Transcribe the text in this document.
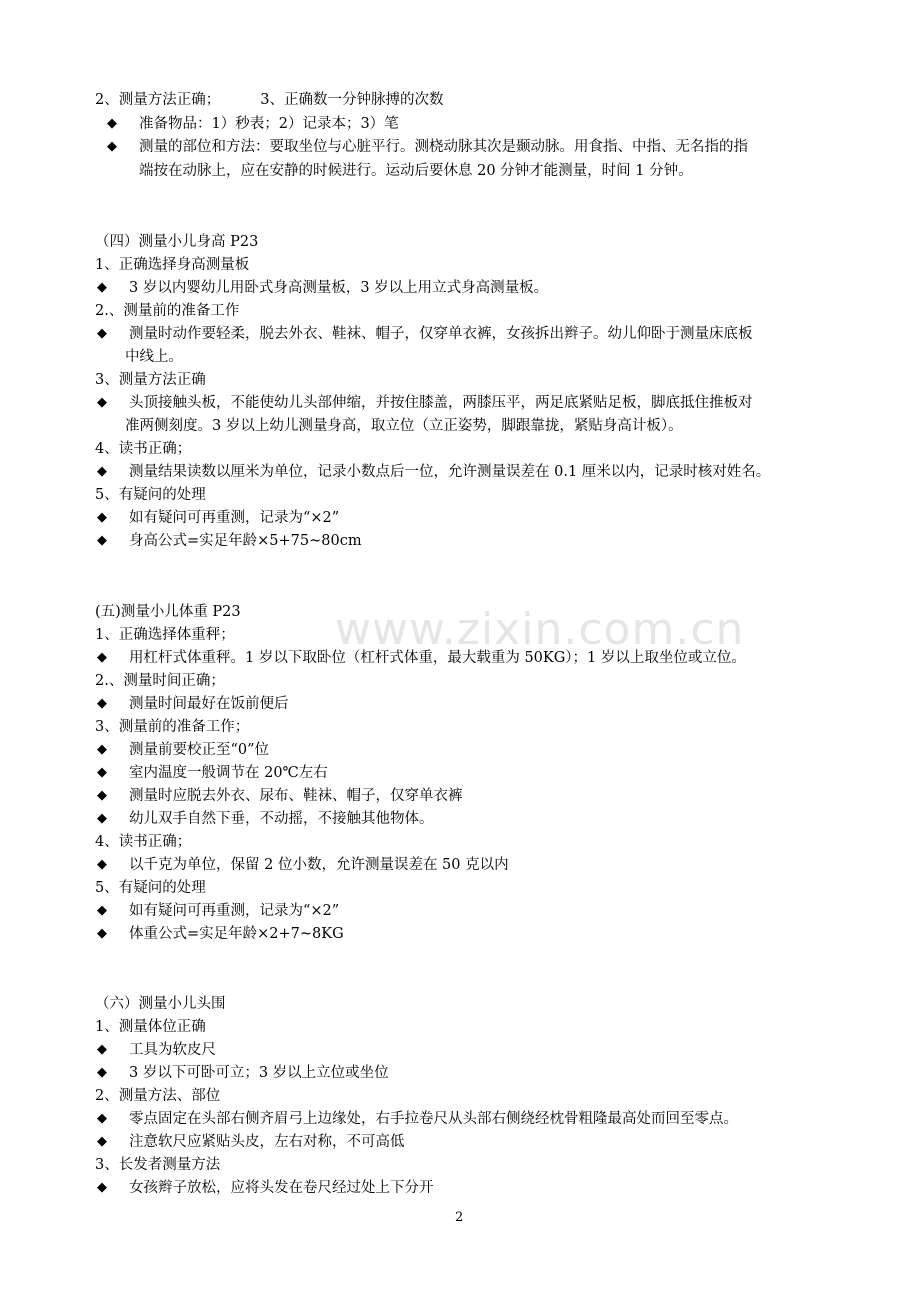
2、测量方法正确；	3、正确数一分钟脉搏的次数
◆ 准备物品：1）秒表；2）记录本；3）笔
◆ 测量的部位和方法：要取坐位与心脏平行。测桡动脉其次是颞动脉。用食指、中指、无名指的指
端按在动脉上，应在安静的时候进行。运动后要休息 20 分钟才能测量，时间 1 分钟。
（四）测量小儿身高 P23
1、正确选择身高测量板
◆ 3 岁以内婴幼儿用卧式身高测量板，3 岁以上用立式身高测量板。
2.、测量前的准备工作
◆ 测量时动作要轻柔，脱去外衣、鞋袜、帽子，仅穿单衣裤，女孩拆出辫子。幼儿仰卧于测量床底板
中线上。
3、测量方法正确
◆ 头顶接触头板，不能使幼儿头部伸缩，并按住膝盖，两膝压平，两足底紧贴足板，脚底抵住推板对
准两侧刻度。3 岁以上幼儿测量身高，取立位（立正姿势，脚跟靠拢，紧贴身高计板）。
4、读书正确；
◆ 测量结果读数以厘米为单位，记录小数点后一位，允许测量误差在 0.1 厘米以内，记录时核对姓名。
5、有疑问的处理
◆ 如有疑问可再重测，记录为“×2”
◆ 身高公式=实足年龄×5+75~80cm
www.zixin.com.cn
(五)测量小儿体重 P23
1、正确选择体重秤；
◆ 用杠杆式体重秤。1 岁以下取卧位（杠杆式体重，最大载重为 50KG）；1 岁以上取坐位或立位。
2.、测量时间正确；
◆ 测量时间最好在饭前便后
3、测量前的准备工作；
◆ 测量前要校正至“0”位
◆ 室内温度一般调节在 20℃左右
◆ 测量时应脱去外衣、尿布、鞋袜、帽子，仅穿单衣裤
◆ 幼儿双手自然下垂，不动摇，不接触其他物体。
4、读书正确；
◆ 以千克为单位，保留 2 位小数，允许测量误差在 50 克以内
5、有疑问的处理
◆ 如有疑问可再重测，记录为“×2”
◆ 体重公式=实足年龄×2+7~8KG
（六）测量小儿头围
1、测量体位正确
◆ 工具为软皮尺
◆ 3 岁以下可卧可立；3 岁以上立位或坐位
2、测量方法、部位
◆ 零点固定在头部右侧齐眉弓上边缘处，右手拉卷尺从头部右侧绕经枕骨粗隆最高处而回至零点。
◆ 注意软尺应紧贴头皮，左右对称，不可高低
3、长发者测量方法
◆ 女孩辫子放松，应将头发在卷尺经过处上下分开
2
